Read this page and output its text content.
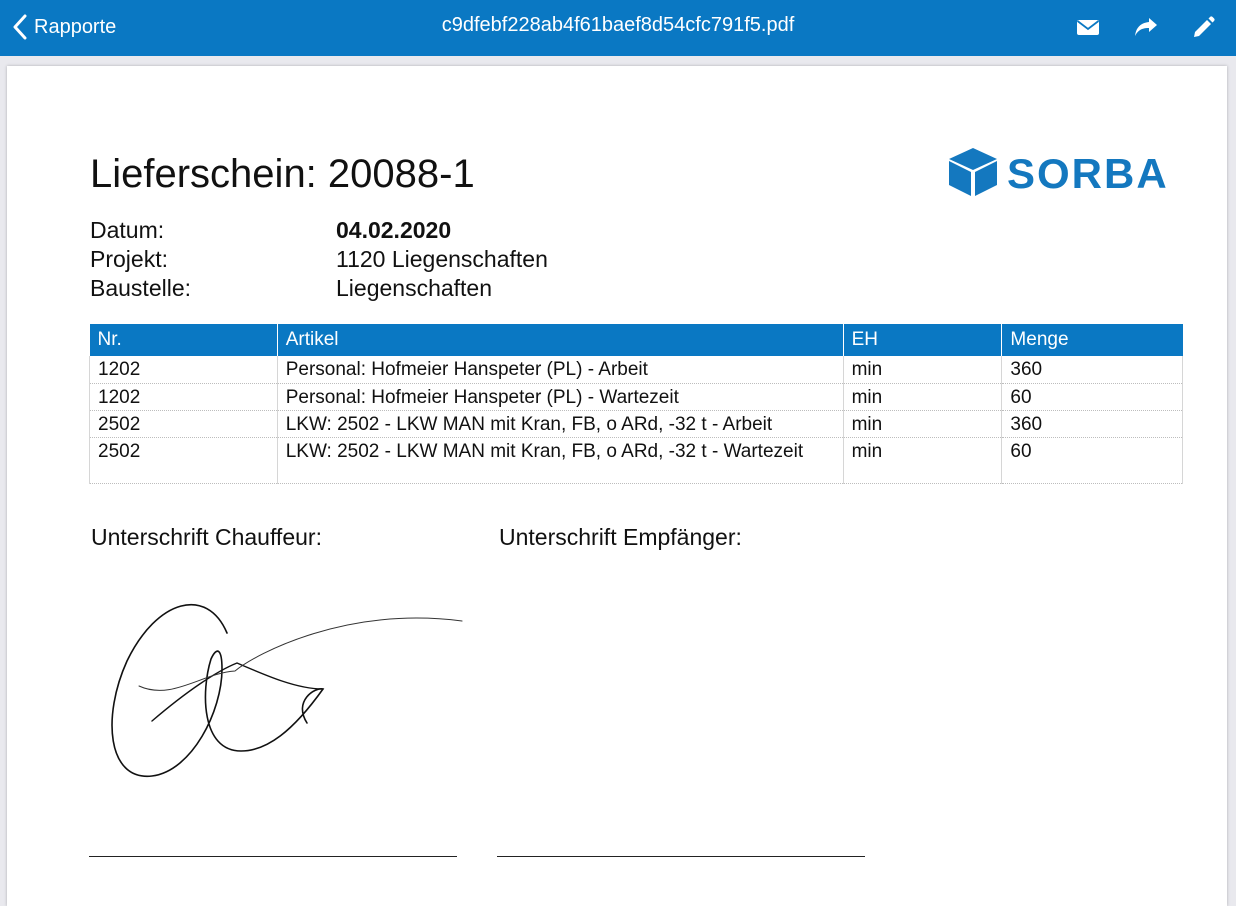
Rapporte	c9dfebf228ab4f61baef8d54cfc791f5.pdf
Lieferschein: 20088-1	SORBA
Datum:	04.02.2020
Projekt:	1120 Liegenschaften
Baustelle:	Liegenschaften
Nr.	Artikel	EH	Menge
1202	Personal: Hofmeier Hanspeter (PL) - Arbeit	min	360
1202	Personal: Hofmeier Hanspeter (PL) - Wartezeit	min	60
2502	LKW: 2502 - LKW MAN mit Kran, FB, o ARd, -32 t - Arbeit	min	360
2502	LKW: 2502 - LKW MAN mit Kran, FB, o ARd, -32 t - Wartezeit	min	60
Unterschrift Chauffeur:	Unterschrift Empfänger:
